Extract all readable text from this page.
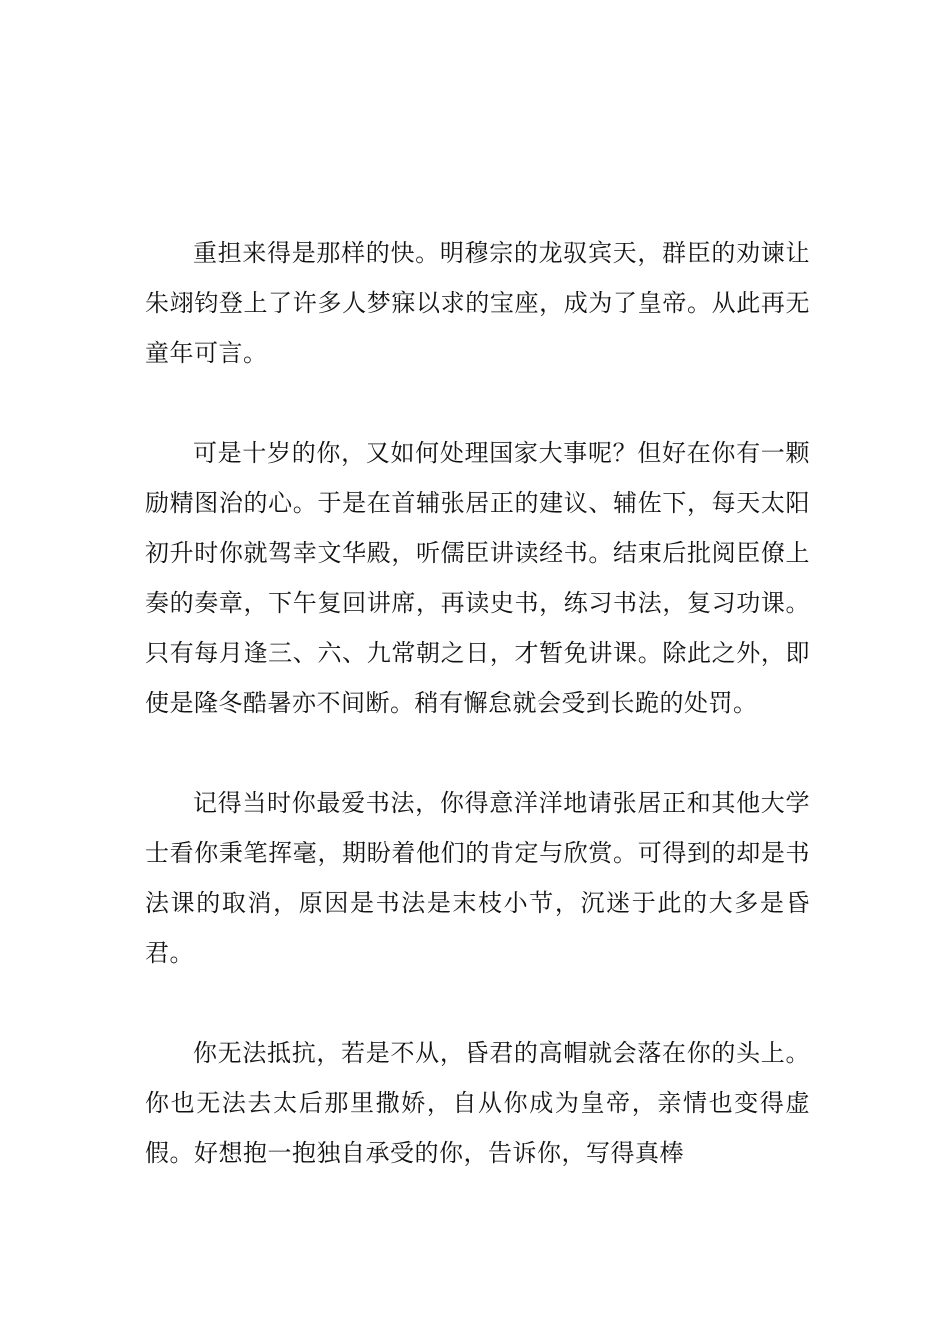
重担来得是那样的快。明穆宗的龙驭宾天，群臣的劝谏让朱翊钧登上了许多人梦寐以求的宝座，成为了皇帝。从此再无童年可言。

可是十岁的你，又如何处理国家大事呢？但好在你有一颗励精图治的心。于是在首辅张居正的建议、辅佐下，每天太阳初升时你就驾幸文华殿，听儒臣讲读经书。结束后批阅臣僚上奏的奏章，下午复回讲席，再读史书，练习书法，复习功课。只有每月逢三、六、九常朝之日，才暂免讲课。除此之外，即使是隆冬酷暑亦不间断。稍有懈怠就会受到长跪的处罚。

记得当时你最爱书法，你得意洋洋地请张居正和其他大学士看你秉笔挥毫，期盼着他们的肯定与欣赏。可得到的却是书法课的取消，原因是书法是末枝小节，沉迷于此的大多是昏君。

你无法抵抗，若是不从，昏君的高帽就会落在你的头上。你也无法去太后那里撒娇，自从你成为皇帝，亲情也变得虚假。好想抱一抱独自承受的你，告诉你，写得真棒
